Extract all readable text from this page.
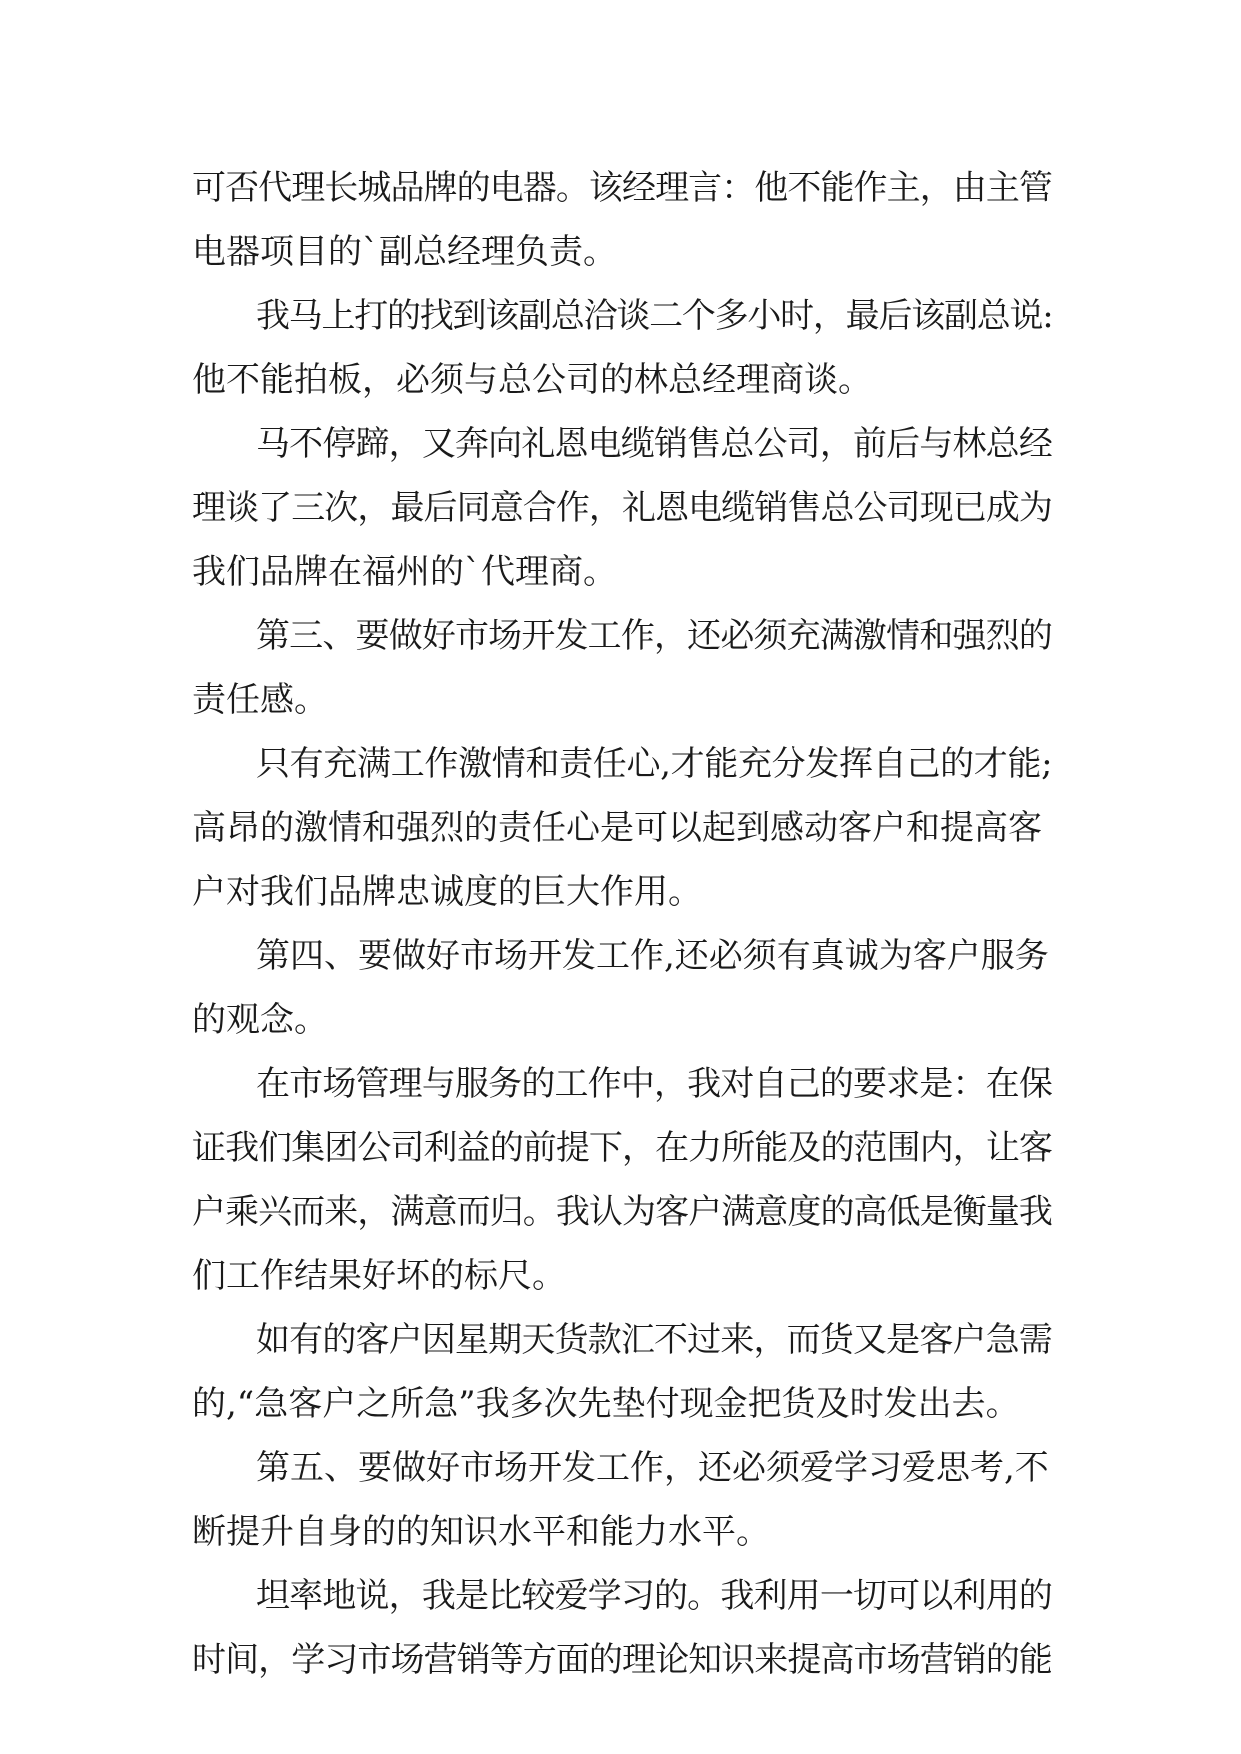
可否代理长城品牌的电器。该经理言：他不能作主，由主管
电器项目的`副总经理负责。
我马上打的找到该副总洽谈二个多小时，最后该副总说:
他不能拍板，必须与总公司的林总经理商谈。
马不停蹄，又奔向礼恩电缆销售总公司，前后与林总经
理谈了三次，最后同意合作，礼恩电缆销售总公司现已成为
我们品牌在福州的`代理商。
第三、要做好市场开发工作，还必须充满激情和强烈的
责任感。
只有充满工作激情和责任心,才能充分发挥自己的才能;
高昂的激情和强烈的责任心是可以起到感动客户和提高客
户对我们品牌忠诚度的巨大作用。
第四、要做好市场开发工作,还必须有真诚为客户服务
的观念。
在市场管理与服务的工作中，我对自己的要求是：在保
证我们集团公司利益的前提下，在力所能及的范围内，让客
户乘兴而来，满意而归。我认为客户满意度的高低是衡量我
们工作结果好坏的标尺。
如有的客户因星期天货款汇不过来，而货又是客户急需
的,“急客户之所急”我多次先垫付现金把货及时发出去。
第五、要做好市场开发工作，还必须爱学习爱思考,不
断提升自身的的知识水平和能力水平。
坦率地说，我是比较爱学习的。我利用一切可以利用的
时间，学习市场营销等方面的理论知识来提高市场营销的能
